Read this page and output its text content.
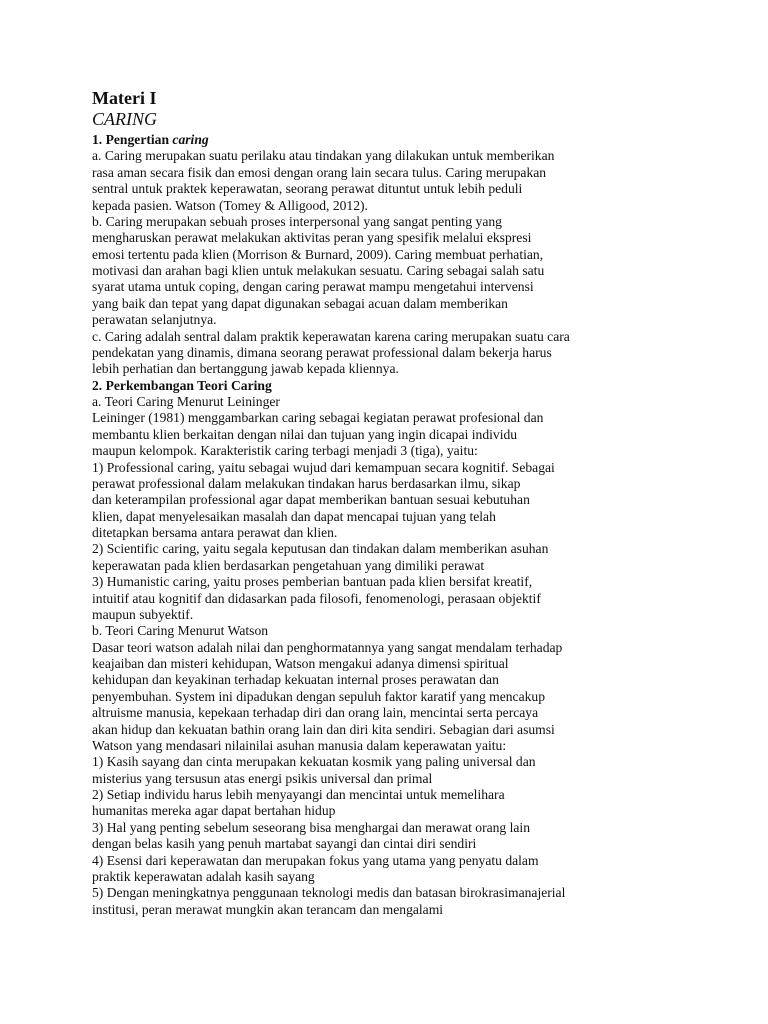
Materi I
CARING
1. Pengertian caring
a. Caring merupakan suatu perilaku atau tindakan yang dilakukan untuk memberikan
rasa aman secara fisik dan emosi dengan orang lain secara tulus. Caring merupakan
sentral untuk praktek keperawatan, seorang perawat dituntut untuk lebih peduli
kepada pasien. Watson (Tomey & Alligood, 2012).
b. Caring merupakan sebuah proses interpersonal yang sangat penting yang
mengharuskan perawat melakukan aktivitas peran yang spesifik melalui ekspresi
emosi tertentu pada klien (Morrison & Burnard, 2009). Caring membuat perhatian,
motivasi dan arahan bagi klien untuk melakukan sesuatu. Caring sebagai salah satu
syarat utama untuk coping, dengan caring perawat mampu mengetahui intervensi
yang baik dan tepat yang dapat digunakan sebagai acuan dalam memberikan
perawatan selanjutnya.
c. Caring adalah sentral dalam praktik keperawatan karena caring merupakan suatu cara
pendekatan yang dinamis, dimana seorang perawat professional dalam bekerja harus
lebih perhatian dan bertanggung jawab kepada kliennya.
2. Perkembangan Teori Caring
a. Teori Caring Menurut Leininger
Leininger (1981) menggambarkan caring sebagai kegiatan perawat profesional dan
membantu klien berkaitan dengan nilai dan tujuan yang ingin dicapai individu
maupun kelompok. Karakteristik caring terbagi menjadi 3 (tiga), yaitu:
1) Professional caring, yaitu sebagai wujud dari kemampuan secara kognitif. Sebagai
perawat professional dalam melakukan tindakan harus berdasarkan ilmu, sikap
dan keterampilan professional agar dapat memberikan bantuan sesuai kebutuhan
klien, dapat menyelesaikan masalah dan dapat mencapai tujuan yang telah
ditetapkan bersama antara perawat dan klien.
2) Scientific caring, yaitu segala keputusan dan tindakan dalam memberikan asuhan
keperawatan pada klien berdasarkan pengetahuan yang dimiliki perawat
3) Humanistic caring, yaitu proses pemberian bantuan pada klien bersifat kreatif,
intuitif atau kognitif dan didasarkan pada filosofi, fenomenologi, perasaan objektif
maupun subyektif.
b. Teori Caring Menurut Watson
Dasar teori watson adalah nilai dan penghormatannya yang sangat mendalam terhadap
keajaiban dan misteri kehidupan, Watson mengakui adanya dimensi spiritual
kehidupan dan keyakinan terhadap kekuatan internal proses perawatan dan
penyembuhan. System ini dipadukan dengan sepuluh faktor karatif yang mencakup
altruisme manusia, kepekaan terhadap diri dan orang lain, mencintai serta percaya
akan hidup dan kekuatan bathin orang lain dan diri kita sendiri. Sebagian dari asumsi
Watson yang mendasari nilainilai asuhan manusia dalam keperawatan yaitu:
1) Kasih sayang dan cinta merupakan kekuatan kosmik yang paling universal dan
misterius yang tersusun atas energi psikis universal dan primal
2) Setiap individu harus lebih menyayangi dan mencintai untuk memelihara
humanitas mereka agar dapat bertahan hidup
3) Hal yang penting sebelum seseorang bisa menghargai dan merawat orang lain
dengan belas kasih yang penuh martabat sayangi dan cintai diri sendiri
4) Esensi dari keperawatan dan merupakan fokus yang utama yang penyatu dalam
praktik keperawatan adalah kasih sayang
5) Dengan meningkatnya penggunaan teknologi medis dan batasan birokrasimanajerial
institusi, peran merawat mungkin akan terancam dan mengalami
